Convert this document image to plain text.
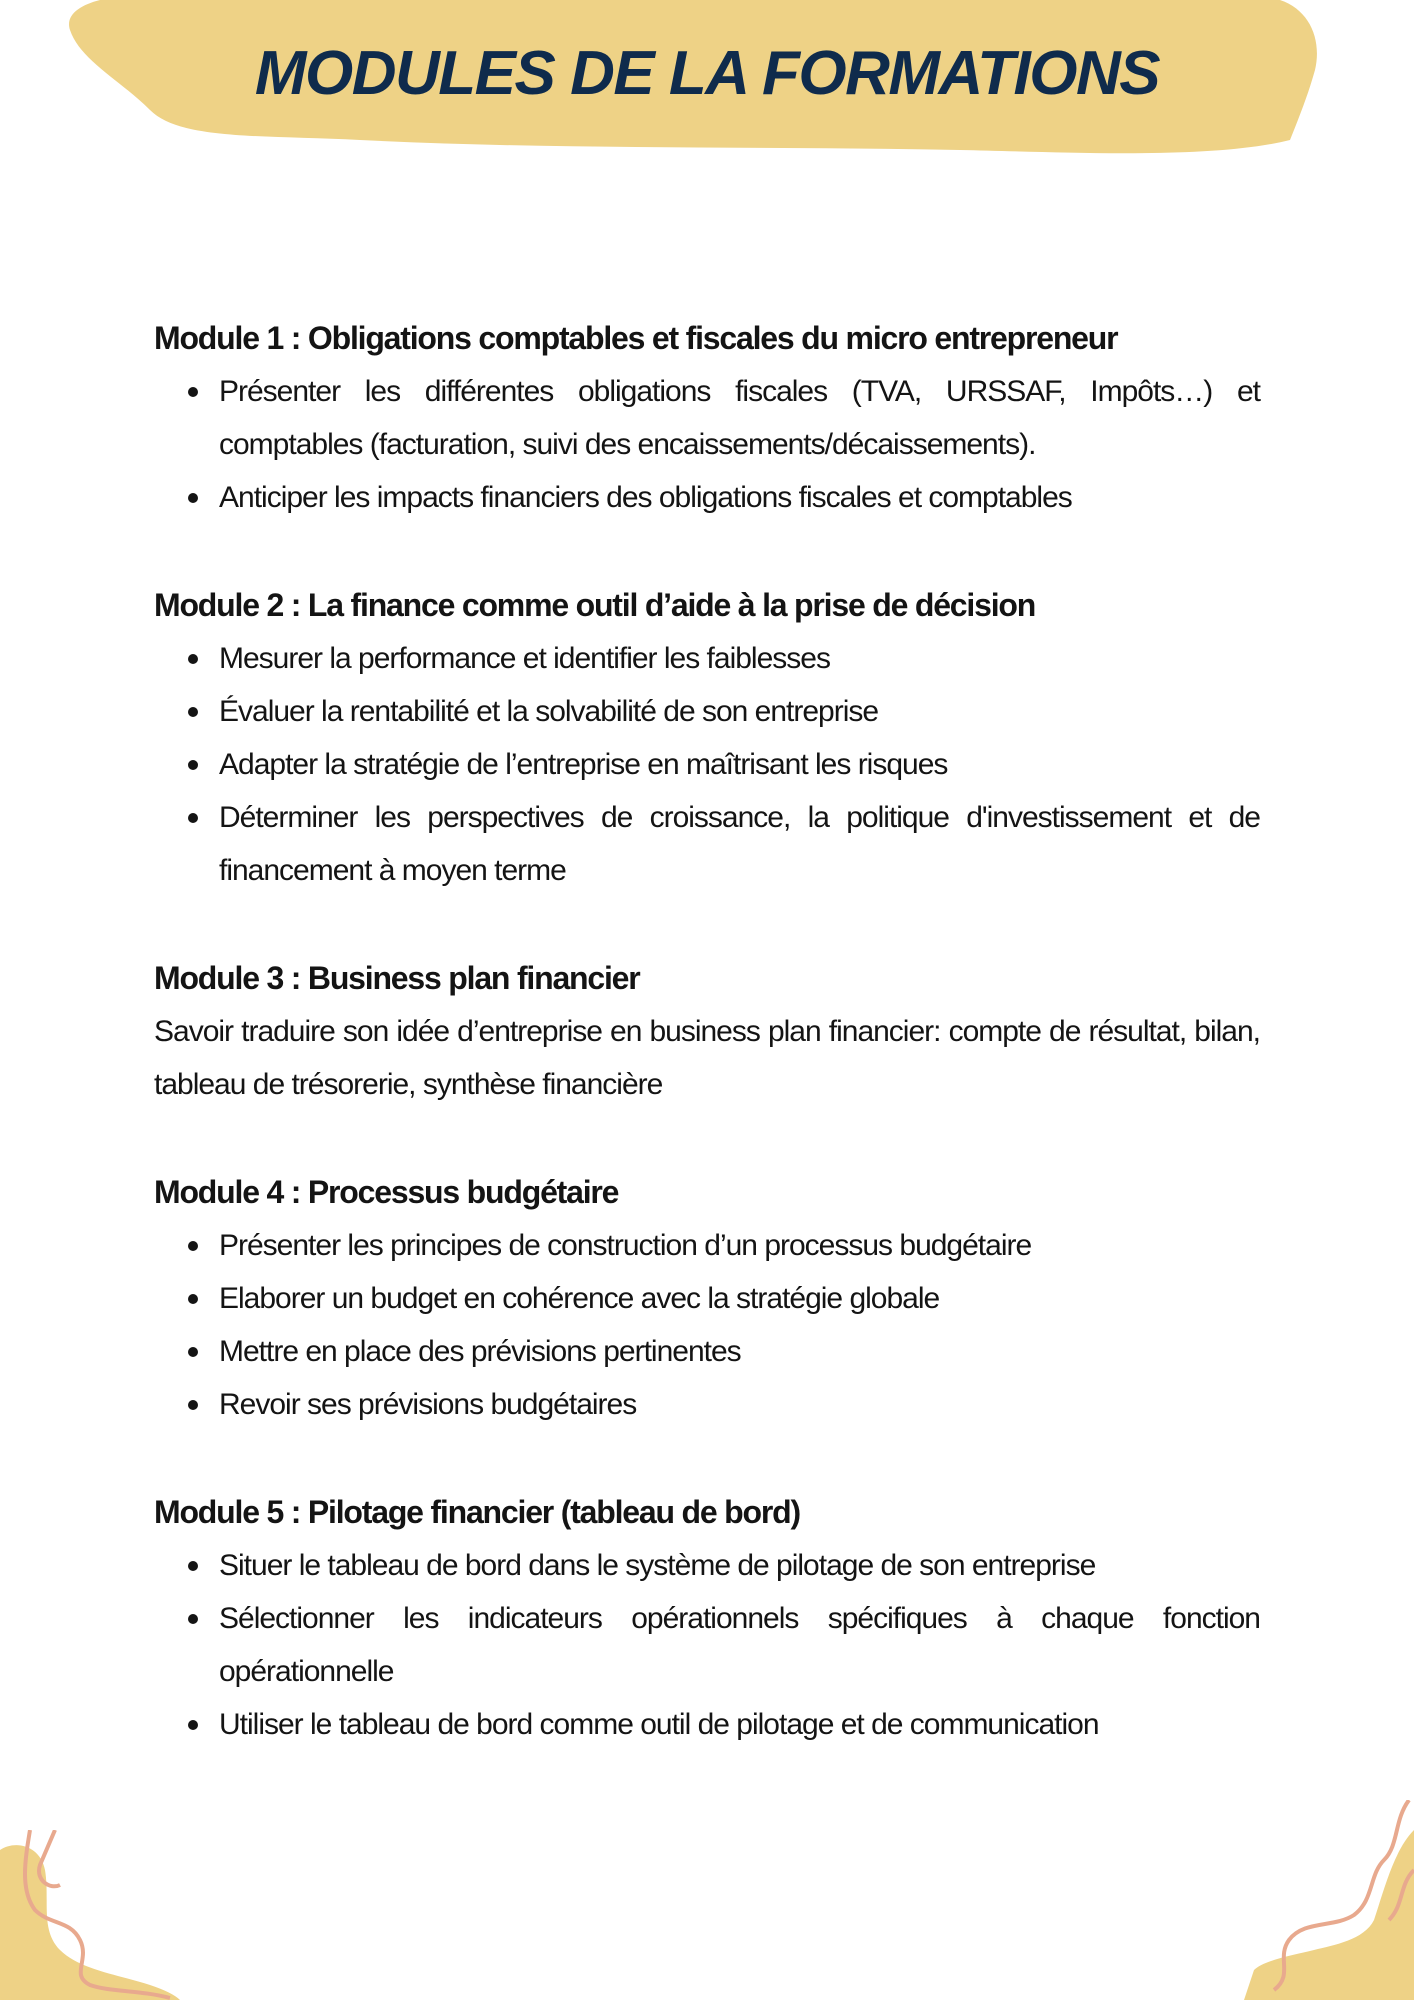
MODULES DE LA FORMATIONS
Module 1 : Obligations comptables et fiscales du micro entrepreneur
Présenter les différentes obligations fiscales (TVA, URSSAF, Impôts…) et comptables (facturation, suivi des encaissements/décaissements).
Anticiper les impacts financiers des obligations fiscales et comptables
Module 2 : La finance comme outil d’aide à la prise de décision
Mesurer la performance et identifier les faiblesses
Évaluer la rentabilité et la solvabilité de son entreprise
Adapter la stratégie de l’entreprise en maîtrisant les risques
Déterminer les perspectives de croissance, la politique d'investissement et de financement à moyen terme
Module 3 : Business plan financier

Savoir traduire son idée d’entreprise en business plan financier: compte de résultat, bilan, tableau de trésorerie, synthèse financière

Module 4 : Processus budgétaire
Présenter les principes de construction d’un processus budgétaire
Elaborer un budget en cohérence avec la stratégie globale
Mettre en place des prévisions pertinentes
Revoir ses prévisions budgétaires
Module 5 : Pilotage financier (tableau de bord)
Situer le tableau de bord dans le système de pilotage de son entreprise
Sélectionner les indicateurs opérationnels spécifiques à chaque fonction opérationnelle
Utiliser le tableau de bord comme outil de pilotage et de communication
